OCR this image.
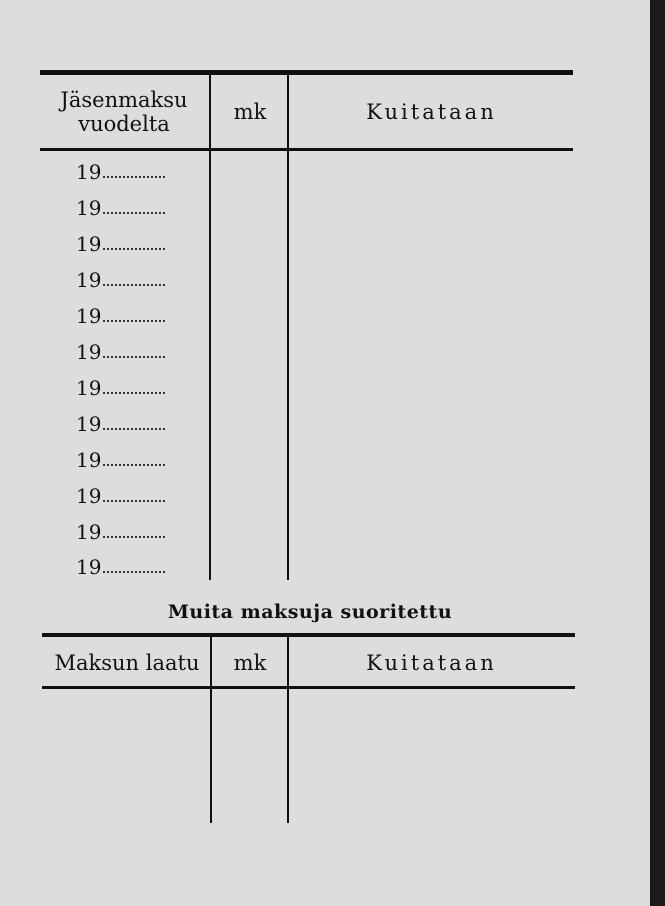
Jäsenmaksu
vuodelta	mk	Kuitataan
19
19
19
19
19
19
19
19
19
19
19
19
Muita maksuja suoritettu
Maksun laatu	mk	Kuitataan
